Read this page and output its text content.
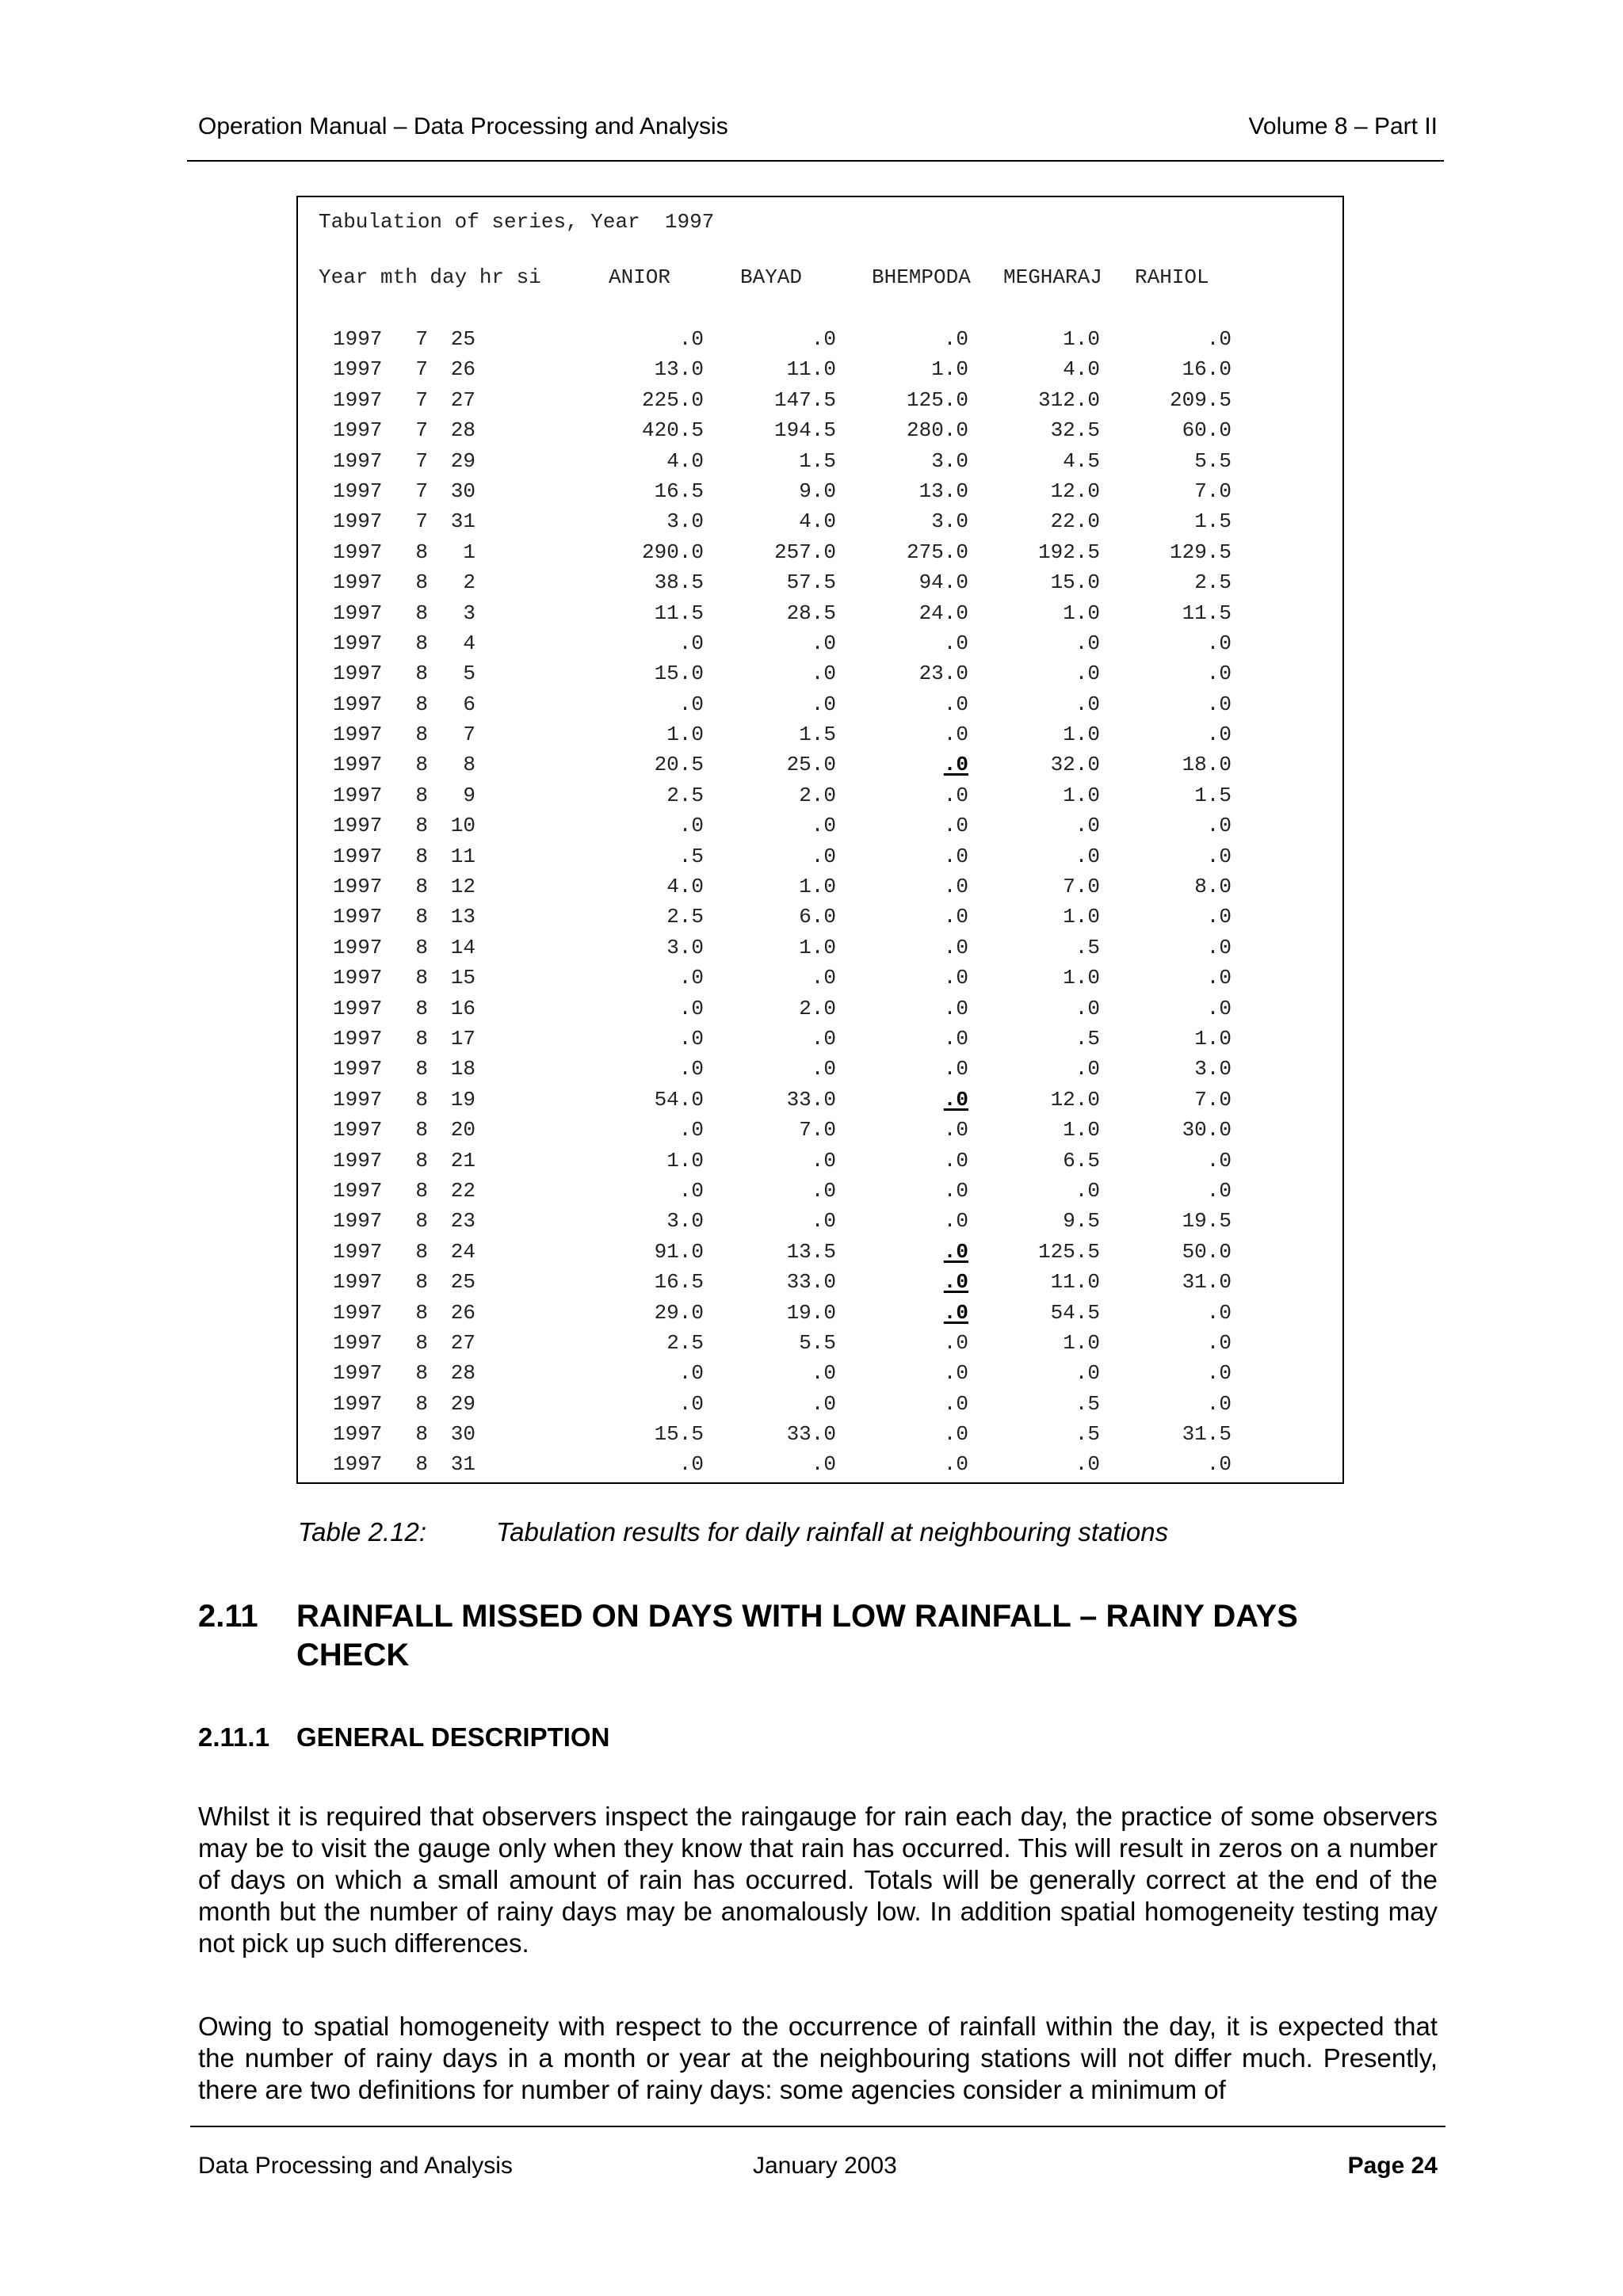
Operation Manual – Data Processing and Analysis	Volume 8 – Part II
Tabulation of series, Year  1997
Year mth day hr si	ANIOR	BAYAD	BHEMPODA MEGHARAJ RAHIOL
1997	7 25	.0	.0	.0	1.0	.0
1997	7 26	13.0	11.0	1.0	4.0	16.0
1997	7 27	225.0	147.5	125.0	312.0	209.5
1997	7 28	420.5	194.5	280.0	32.5	60.0
1997	7 29	4.0	1.5	3.0	4.5	5.5
1997	7 30	16.5	9.0	13.0	12.0	7.0
1997	7 31	3.0	4.0	3.0	22.0	1.5
1997	8	1	290.0	257.0	275.0	192.5	129.5
1997	8	2	38.5	57.5	94.0	15.0	2.5
1997	8	3	11.5	28.5	24.0	1.0	11.5
1997	8	4	.0	.0	.0	.0	.0
1997	8	5	15.0	.0	23.0	.0	.0
1997	8	6	.0	.0	.0	.0	.0
1997	8	7	1.0	1.5	.0	1.0	.0
1997	8	8	20.5	25.0	.0	32.0	18.0
1997	8	9	2.5	2.0	.0	1.0	1.5
1997	8 10	.0	.0	.0	.0	.0
1997	8 11	.5	.0	.0	.0	.0
1997	8 12	4.0	1.0	.0	7.0	8.0
1997	8 13	2.5	6.0	.0	1.0	.0
1997	8 14	3.0	1.0	.0	.5	.0
1997	8 15	.0	.0	.0	1.0	.0
1997	8 16	.0	2.0	.0	.0	.0
1997	8 17	.0	.0	.0	.5	1.0
1997	8 18	.0	.0	.0	.0	3.0
1997	8 19	54.0	33.0	.0	12.0	7.0
1997	8 20	.0	7.0	.0	1.0	30.0
1997	8 21	1.0	.0	.0	6.5	.0
1997	8 22	.0	.0	.0	.0	.0
1997	8 23	3.0	.0	.0	9.5	19.5
1997	8 24	91.0	13.5	.0	125.5	50.0
1997	8 25	16.5	33.0	.0	11.0	31.0
1997	8 26	29.0	19.0	.0	54.5	.0
1997	8 27	2.5	5.5	.0	1.0	.0
1997	8 28	.0	.0	.0	.0	.0
1997	8 29	.0	.0	.0	.5	.0
1997	8 30	15.5	33.0	.0	.5	31.5
1997	8 31	.0	.0	.0	.0	.0
Table 2.12:	Tabulation results for daily rainfall at neighbouring stations
2.11 RAINFALL MISSED ON DAYS WITH LOW RAINFALL – RAINY DAYS CHECK
2.11.1 GENERAL DESCRIPTION
Whilst it is required that observers inspect the raingauge for rain each day, the practice of some observers may be to visit the gauge only when they know that rain has occurred. This will result in zeros on a number of days on which a small amount of rain has occurred. Totals will be generally correct at the end of the month but the number of rainy days may be anomalously low. In addition spatial homogeneity testing may not pick up such differences.
Owing to spatial homogeneity with respect to the occurrence of rainfall within the day, it is expected that the number of rainy days in a month or year at the neighbouring stations will not differ much. Presently, there are two definitions for number of rainy days: some agencies consider a minimum of
Data Processing and Analysis	January 2003	Page 24
